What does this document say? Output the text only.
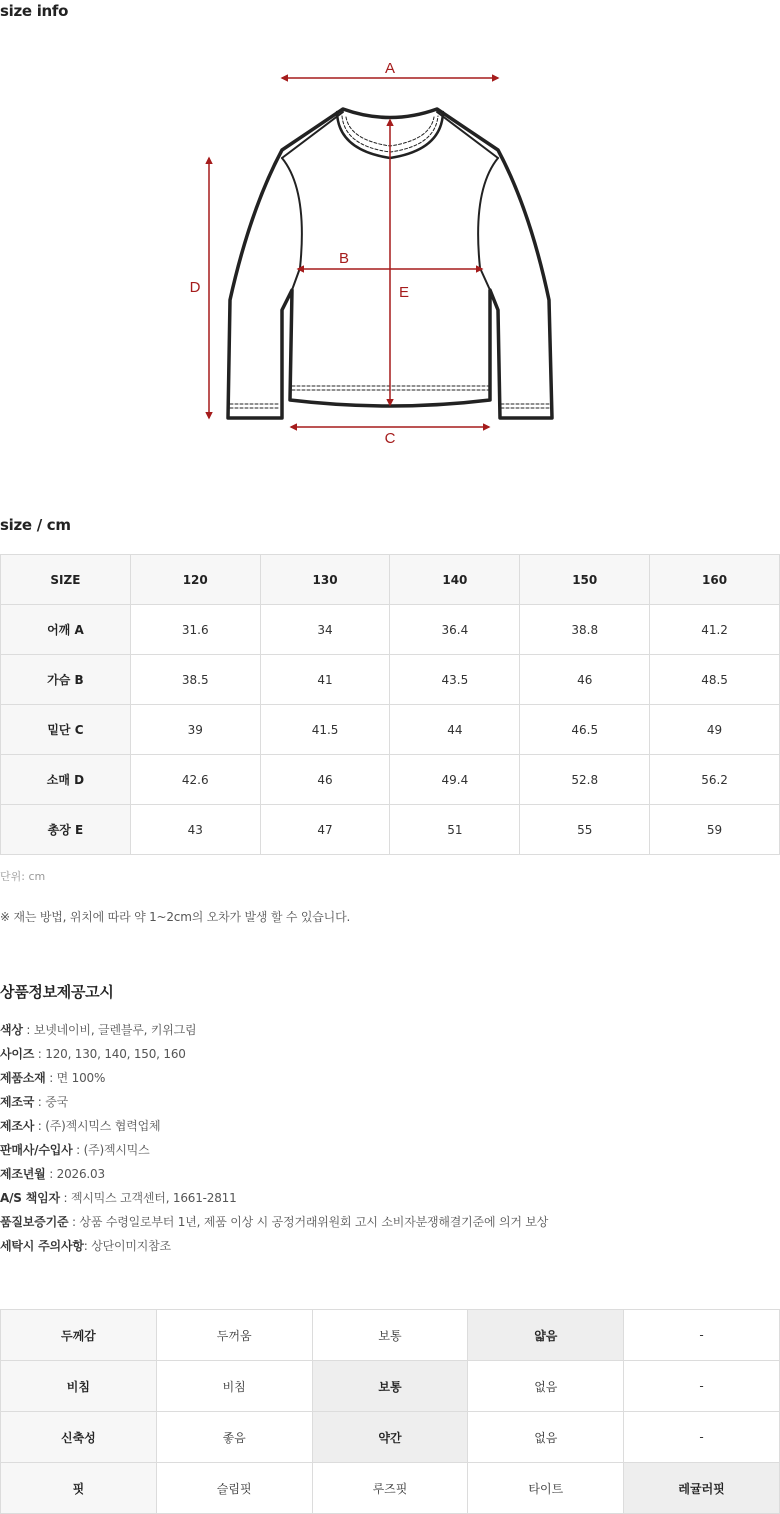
size info
A
B
C
D	E
size / cm
SIZE	120	130	140	150	160
어깨 A	31.6	34	36.4	38.8	41.2
가슴 B	38.5	41	43.5	46	48.5
밑단 C	39	41.5	44	46.5	49
소매 D	42.6	46	49.4	52.8	56.2
총장 E	43	47	51	55	59
단위: cm
※ 재는 방법, 위치에 따라 약 1~2cm의 오차가 발생 할 수 있습니다.
상품정보제공고시
색상 : 보넷네이비, 글렌블루, 키위그림
사이즈 : 120, 130, 140, 150, 160
제품소재 : 면 100%
제조국 : 중국
제조사 : (주)젝시믹스 협력업체
판매사/수입사 : (주)젝시믹스
제조년월 : 2026.03
A/S 책임자 : 젝시믹스 고객센터, 1661-2811
품질보증기준 : 상품 수령일로부터 1년, 제품 이상 시 공정거래위원회 고시 소비자분쟁해결기준에 의거 보상
세탁시 주의사항: 상단이미지참조
두께감	두꺼움	보통	얇음	-
비침	비침	보통	없음	-
신축성	좋음	약간	없음	-
핏	슬림핏	루즈핏	타이트	레귤러핏
